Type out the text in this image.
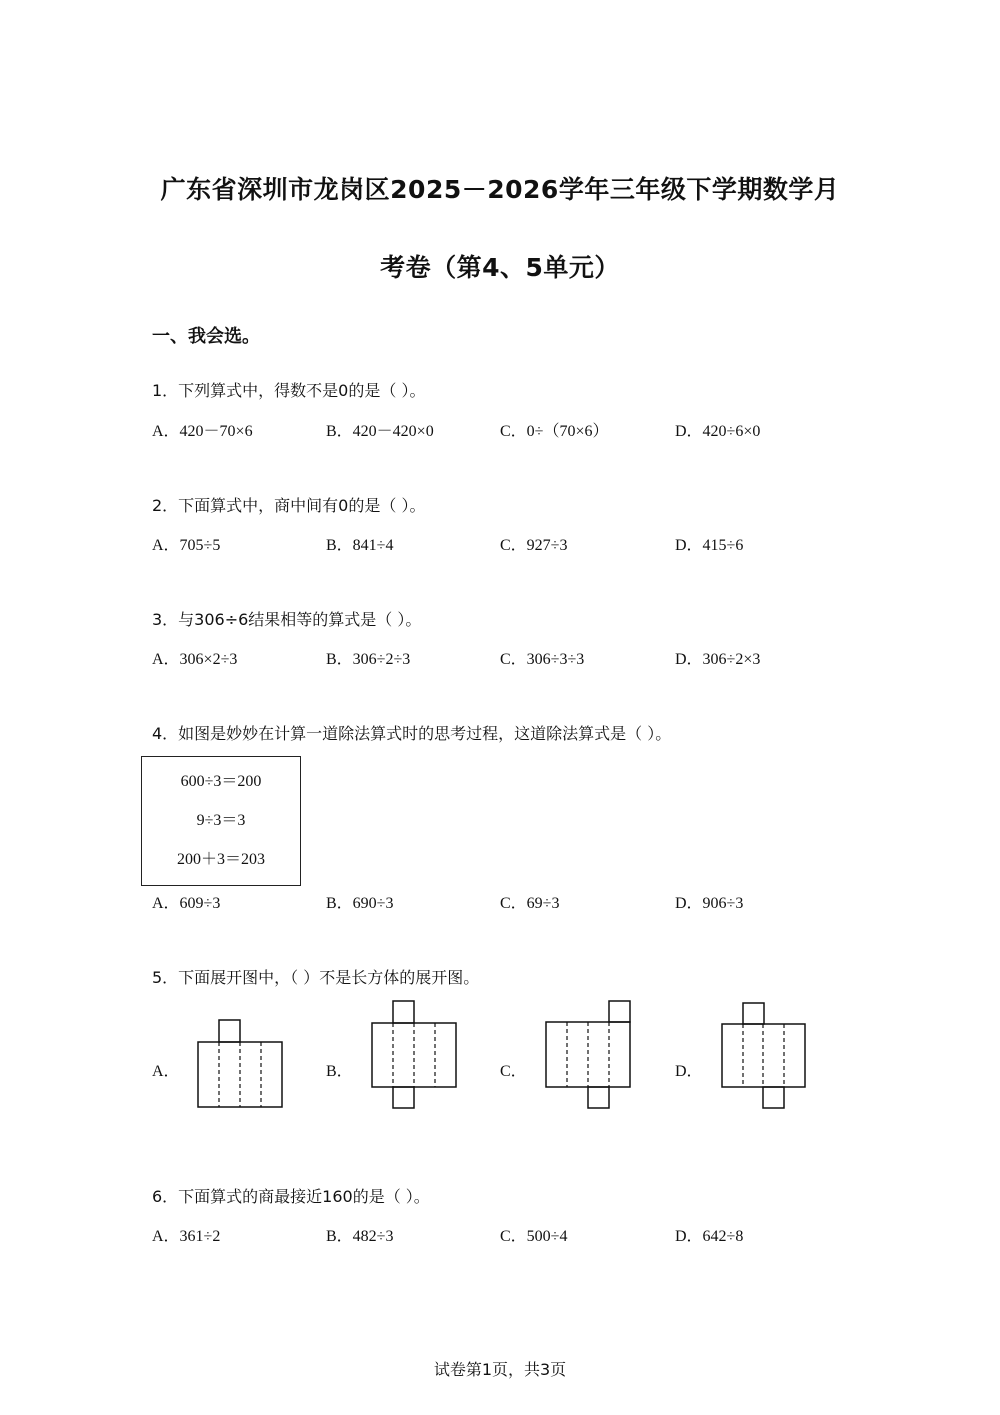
广东省深圳市龙岗区2025－2026学年三年级下学期数学月
考卷（第4、5单元）
一、我会选。
1．下列算式中，得数不是0的是（ ）。
A．420－70×6	B．420－420×0	C．0÷（70×6）	D．420÷6×0
2．下面算式中，商中间有0的是（ ）。
A．705÷5	B．841÷4	C．927÷3	D．415÷6
3．与306÷6结果相等的算式是（ ）。
A．306×2÷3	B．306÷2÷3	C．306÷3÷3	D．306÷2×3
4．如图是妙妙在计算一道除法算式时的思考过程，这道除法算式是（ ）。
600÷3＝200
9÷3＝3
200＋3＝203
A．609÷3	B．690÷3	C．69÷3	D．906÷3
5．下面展开图中，（ ）不是长方体的展开图。
A．	B．	C．	D．
6．下面算式的商最接近160的是（ ）。
A．361÷2	B．482÷3	C．500÷4	D．642÷8
试卷第1页，共3页
